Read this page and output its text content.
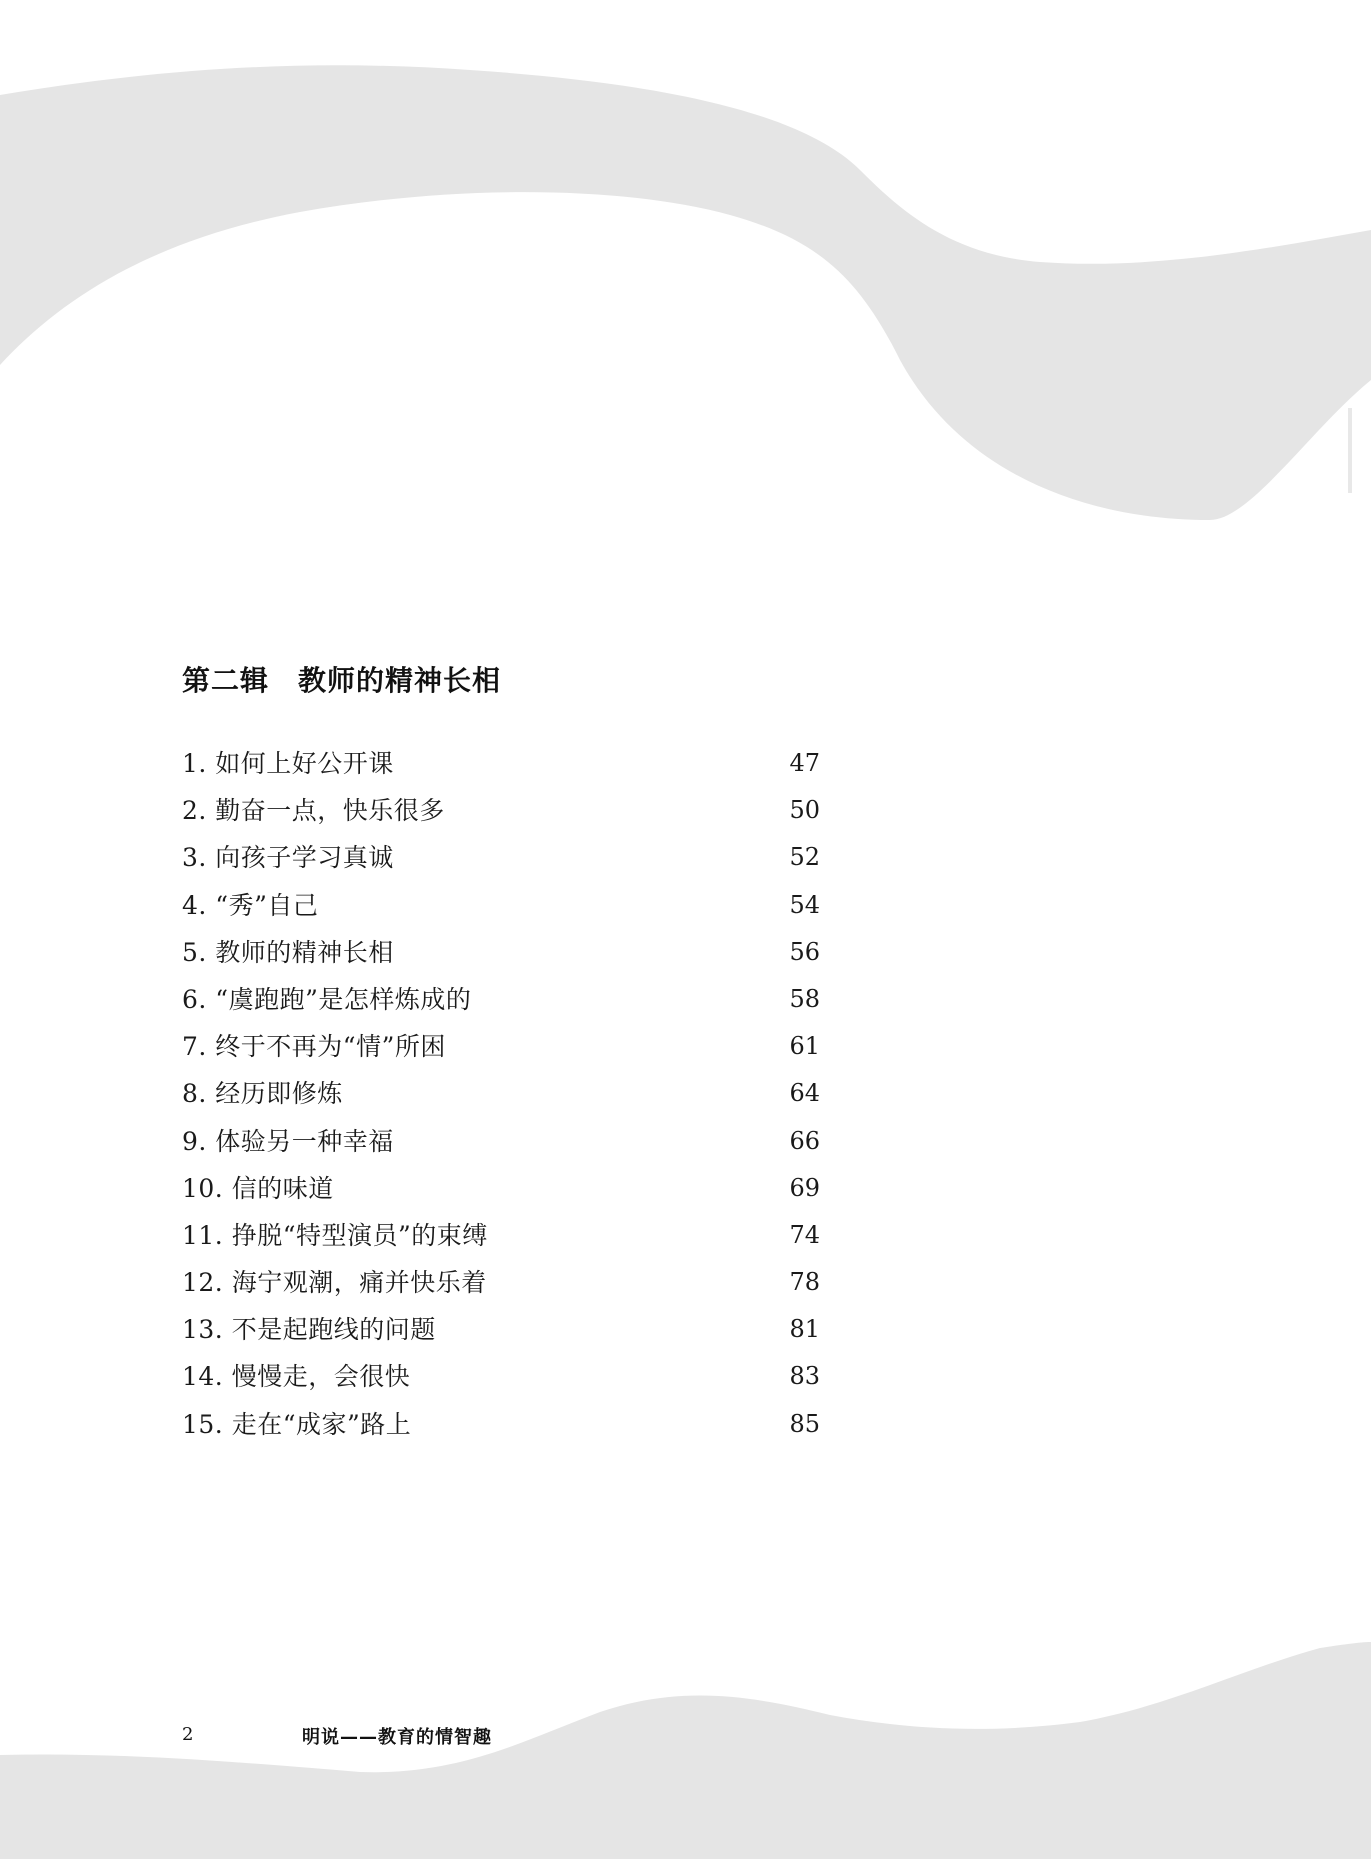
第二辑　教师的精神长相
1. 如何上好公开课	47
2. 勤奋一点，快乐很多	50
3. 向孩子学习真诚	52
4. “秀”自己	54
5. 教师的精神长相	56
6. “虞跑跑”是怎样炼成的	58
7. 终于不再为“情”所困	61
8. 经历即修炼	64
9. 体验另一种幸福	66
10. 信的味道	69
11. 挣脱“特型演员”的束缚	74
12. 海宁观潮，痛并快乐着	78
13. 不是起跑线的问题	81
14. 慢慢走，会很快	83
15. 走在“成家”路上	85
2	明说——教育的情智趣
